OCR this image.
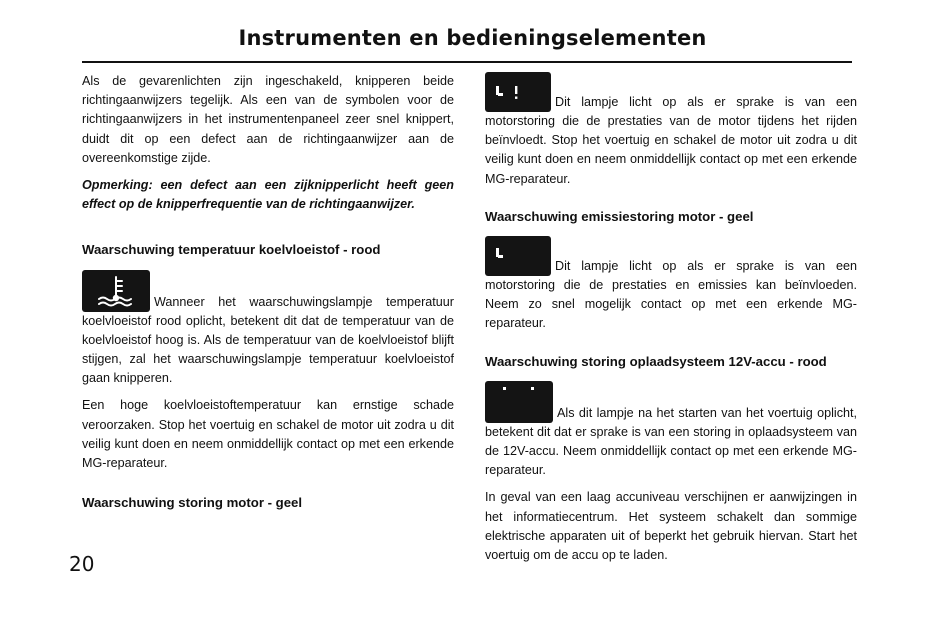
Instrumenten en bedieningselementen

Als de gevarenlichten zijn ingeschakeld, knipperen beide richtingaanwijzers tegelijk. Als een van de symbolen voor de richtingaanwijzers in het instrumentenpaneel zeer snel knippert, duidt dit op een defect aan de richtingaanwijzer aan de overeenkomstige zijde.

Opmerking: een defect aan een zijknipperlicht heeft geen effect op de knipperfrequentie van de richtingaanwijzer.

Waarschuwing temperatuur koelvloeistof - rood

Wanneer het waarschuwingslampje temperatuur koelvloeistof rood oplicht, betekent dit dat de temperatuur van de koelvloeistof hoog is. Als de temperatuur van de koelvloeistof blijft stijgen, zal het waarschuwingslampje temperatuur koelvloeistof gaan knipperen.

Een hoge koelvloeistoftemperatuur kan ernstige schade veroorzaken. Stop het voertuig en schakel de motor uit zodra u dit veilig kunt doen en neem onmiddellijk contact op met een erkende MG-reparateur.

Waarschuwing storing motor - geel

Dit lampje licht op als er sprake is van een motorstoring die de prestaties van de motor tijdens het rijden beïnvloedt. Stop het voertuig en schakel de motor uit zodra u dit veilig kunt doen en neem onmiddellijk contact op met een erkende MG-reparateur.

Waarschuwing emissiestoring motor - geel

Dit lampje licht op als er sprake is van een motorstoring die de prestaties en emissies kan beïnvloeden. Neem zo snel mogelijk contact op met een erkende MG-reparateur.

Waarschuwing storing oplaadsysteem 12V-accu - rood

Als dit lampje na het starten van het voertuig oplicht, betekent dit dat er sprake is van een storing in oplaadsysteem van de 12V-accu. Neem onmiddellijk contact op met een erkende MG-reparateur.

In geval van een laag accuniveau verschijnen er aanwijzingen in het informatiecentrum. Het systeem schakelt dan sommige elektrische apparaten uit of beperkt het gebruik hiervan. Start het voertuig om de accu op te laden.

20
